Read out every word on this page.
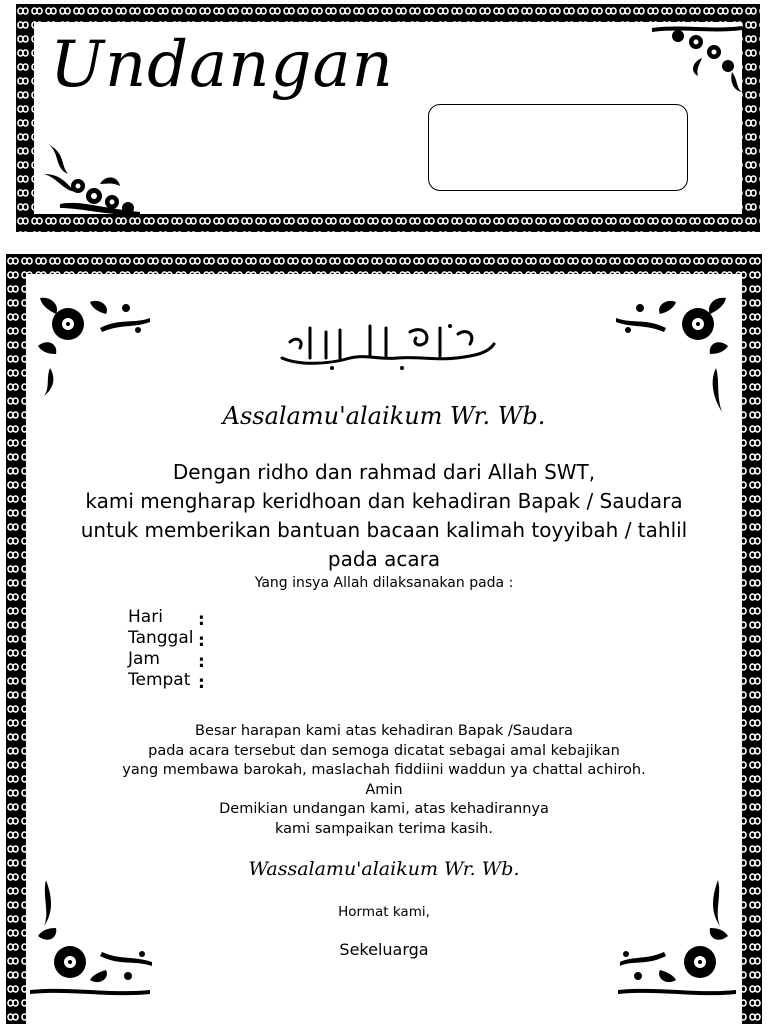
Undangan
Assalamu'alaikum Wr. Wb.
Dengan ridho dan rahmad dari Allah SWT,
kami mengharap keridhoan dan kehadiran Bapak / Saudara
untuk memberikan bantuan bacaan kalimah toyyibah / tahlil
pada acara
Yang insya Allah dilaksanakan pada :
Hari :
Tanggal :
Jam :
Tempat :
Besar harapan kami atas kehadiran Bapak /Saudara
pada acara tersebut dan semoga dicatat sebagai amal kebajikan
yang membawa barokah, maslachah fiddiini waddun ya chattal achiroh.
Amin
Demikian undangan kami, atas kehadirannya
kami sampaikan terima kasih.
Wassalamu'alaikum Wr. Wb.
Hormat kami,
Sekeluarga
